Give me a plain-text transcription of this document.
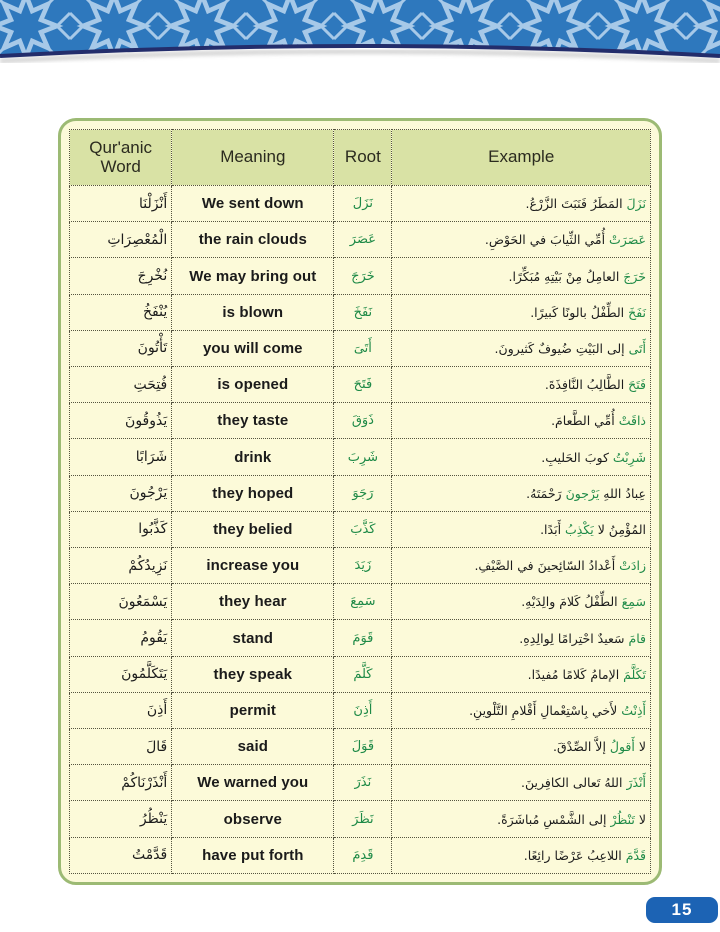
Qur'anic Word	Meaning	Root	Example
أَنْزَلْنَا	We sent down	نَزَلَ	نَزَلَ المَطَرُ فَنَبَتَ الزَّرْعُ.
الْمُعْصِرَاتِ	the rain clouds	عَصَرَ	عَصَرَتْ أُمِّي الثِّيابَ في الحَوْضِ.
نُخْرِجَ	We may bring out	خَرَجَ	خَرَجَ العامِلُ مِنْ بَيْتِهِ مُبَكِّرًا.
يُنْفَخُ	is blown	نَفَخَ	نَفَخَ الطِّفْلُ بالونًا كَبيرًا.
تَأْتُونَ	you will come	أَتَىَ	أَتَى إلى البَيْتِ ضُيوفٌ كَثيرونَ.
فُتِحَتِ	is opened	فَتَحَ	فَتَحَ الطَّالِبُ النَّافِذَةَ.
يَذُوقُونَ	they taste	ذَوَقَ	ذاقَتْ أُمِّي الطَّعامَ.
شَرَابًا	drink	شَرِبَ	شَرِبْتُ كوبَ الحَليبِ.
يَرْجُونَ	they hoped	رَجَوَ	عِبادُ اللهِ يَرْجونَ رَحْمَتَهُ.
كَذَّبُوا	they belied	كَذَّبَ	المُؤْمِنُ لا يَكْذِبُ أَبَدًا.
نَزِيدُكُمْ	increase you	زَيَدَ	زادَتْ أَعْدادُ السّائِحينَ في الصَّيْفِ.
يَسْمَعُونَ	they hear	سَمِعَ	سَمِعَ الطِّفْلُ كَلامَ والِدَيْهِ.
يَقُومُ	stand	قَوَمَ	قامَ سَعيدٌ احْتِرامًا لِوالِدِهِ.
يَتَكَلَّمُونَ	they speak	كَلَّمَ	تَكَلَّمَ الإمامُ كَلامًا مُفيدًا.
أَذِنَ	permit	أَذِنَ	أَذِنْتُ لأَخي بِاسْتِعْمالِ أَقْلامِ التَّلْوينِ.
قَالَ	said	قَوَلَ	لا أَقولُ إلاَّ الصِّدْقَ.
أَنْذَرْنَاكُمْ	We warned you	نَذَرَ	أَنْذَرَ اللهُ تَعالى الكافِرينَ.
يَنْظُرُ	observe	نَظَرَ	لا تَنْظُرْ إلى الشَّمْسِ مُباشَرَةً.
قَدَّمْتُ	have put forth	قَدِمَ	قَدَّمَ اللاعِبُ عَرْضًا رائِعًا.
15
